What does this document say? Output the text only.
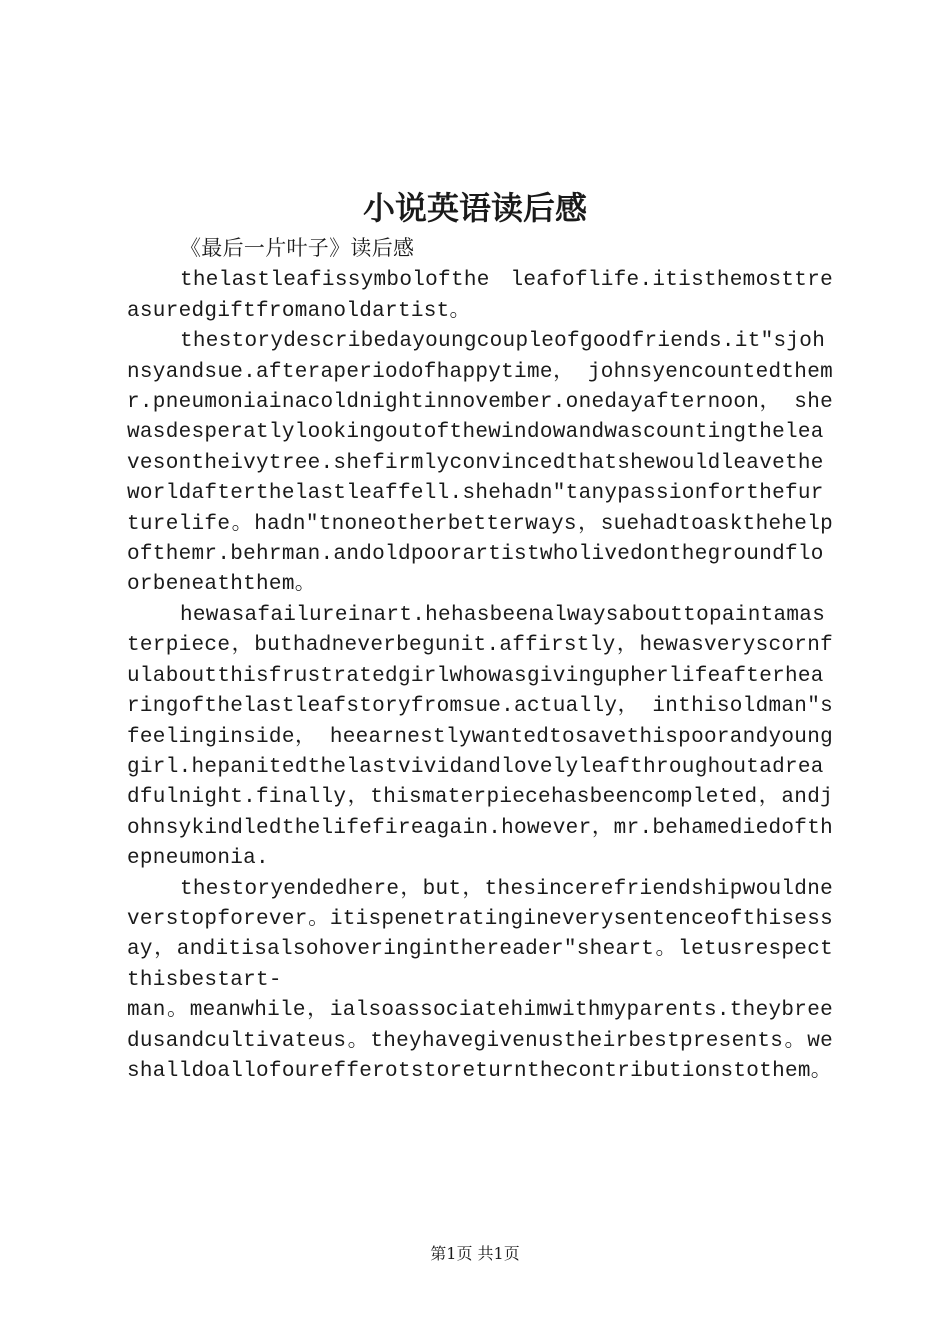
小说英语读后感

《最后一片叶子》读后感

thelastleafissymbolofthe leafoflife.itisthemosttreasuredgiftfromanoldartist。

thestorydescribedayoungcoupleofgoodfriends.it"sjohnsyandsue.afteraperiodofhappytime， johnsyencountedthemr.pneumoniainacoldnightinnovember.onedayafternoon， shewasdesperatlylookingoutofthewindowandwascountingtheleavesontheivytree.shefirmlyconvincedthatshewouldleavetheworldafterthelastleaffell.shehadn"tanypassionforthefurturelife。hadn"tnoneotherbetterways，suehadtoaskthehelpofthemr.behrman.andoldpoorartistwholivedonthegroundfloorbeneaththem。

hewasafailureinart.hehasbeenalwaysabouttopaintamasterpiece，buthadneverbegunit.affirstly，hewasveryscornfulaboutthisfrustratedgirlwhowasgivingupherlifeafterhearingofthelastleafstoryfromsue.actually， inthisoldman"sfeelinginside， heearnestlywantedtosavethispoorandyounggirl.hepanitedthelastvividandlovelyleafthroughoutadreadfulnight.finally，thismaterpiecehasbeencompleted，andjohnsykindledthelifefireagain.however，mr.behamediedofthepneumonia.

thestoryendedhere，but，thesincerefriendshipwouldneverstopforever。itispenetratingineverysentenceofthisessay，anditisalsohoveringinthereader"sheart。letusrespectthisbestart-

man。meanwhile，ialsoassociatehimwithmyparents.theybreedusandcultivateus。theyhavegivenustheirbestpresents。weshalldoallofourefferotstoreturnthecontributionstothem。

第1页 共1页
